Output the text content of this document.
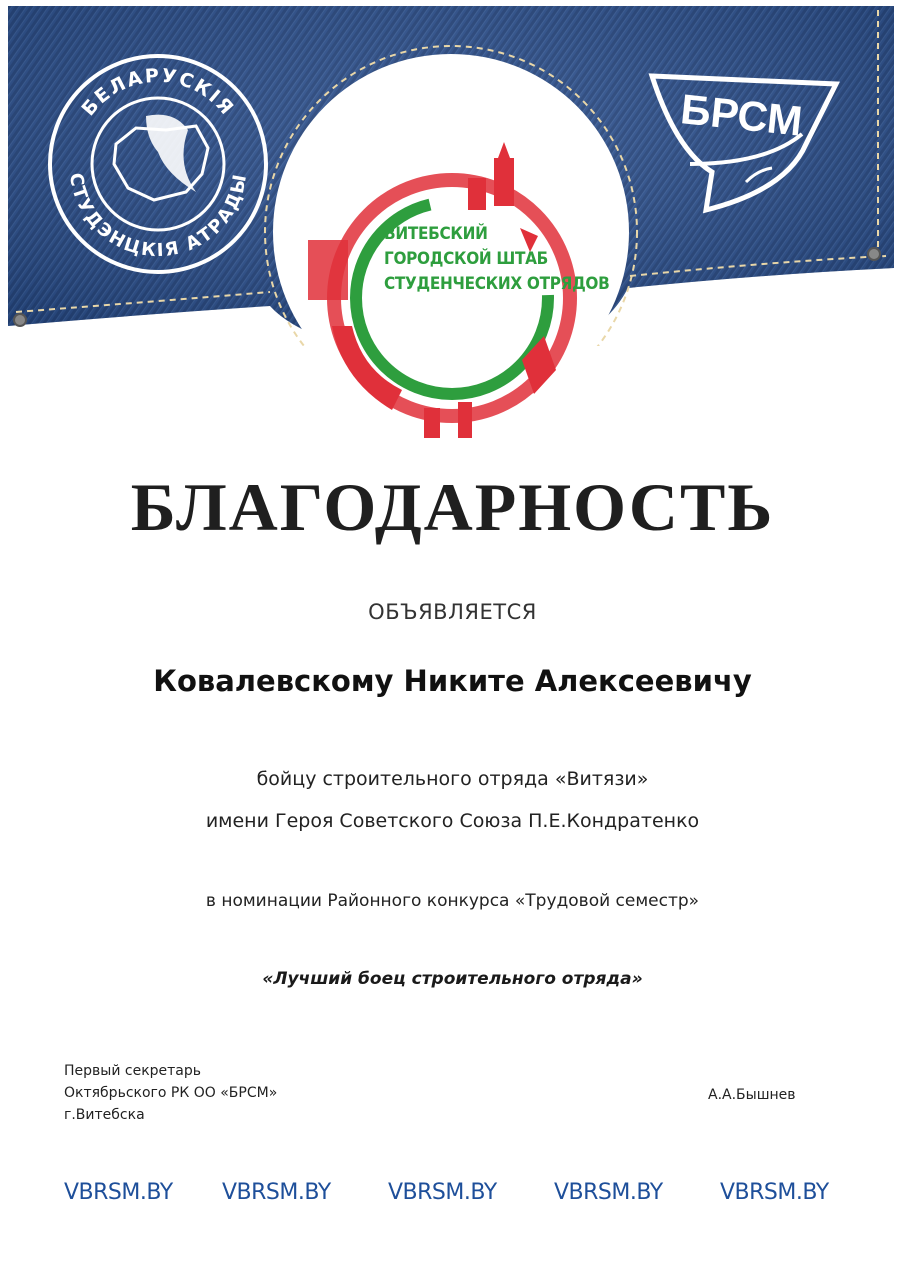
БЕЛАРУСКІЯ
СТУДЭНЦКІЯ АТРАДЫ
БРСМ
ВИТЕБСКИЙ
ГОРОДСКОЙ ШТАБ
СТУДЕНЧЕСКИХ ОТРЯДОВ
БЛАГОДАРНОСТЬ
ОБЪЯВЛЯЕТСЯ
Ковалевскому Никите Алексеевичу
бойцу строительного отряда «Витязи»
имени Героя Советского Союза П.Е.Кондратенко
в номинации Районного конкурса «Трудовой семестр»
«Лучший боец строительного отряда»
Первый секретарь
Октябрьского РК ОО «БРСМ»
г.Витебска
А.А.Бышнев
VBRSM.BY VBRSM.BY	VBRSM.BY	VBRSM.BY	VBRSM.BY
